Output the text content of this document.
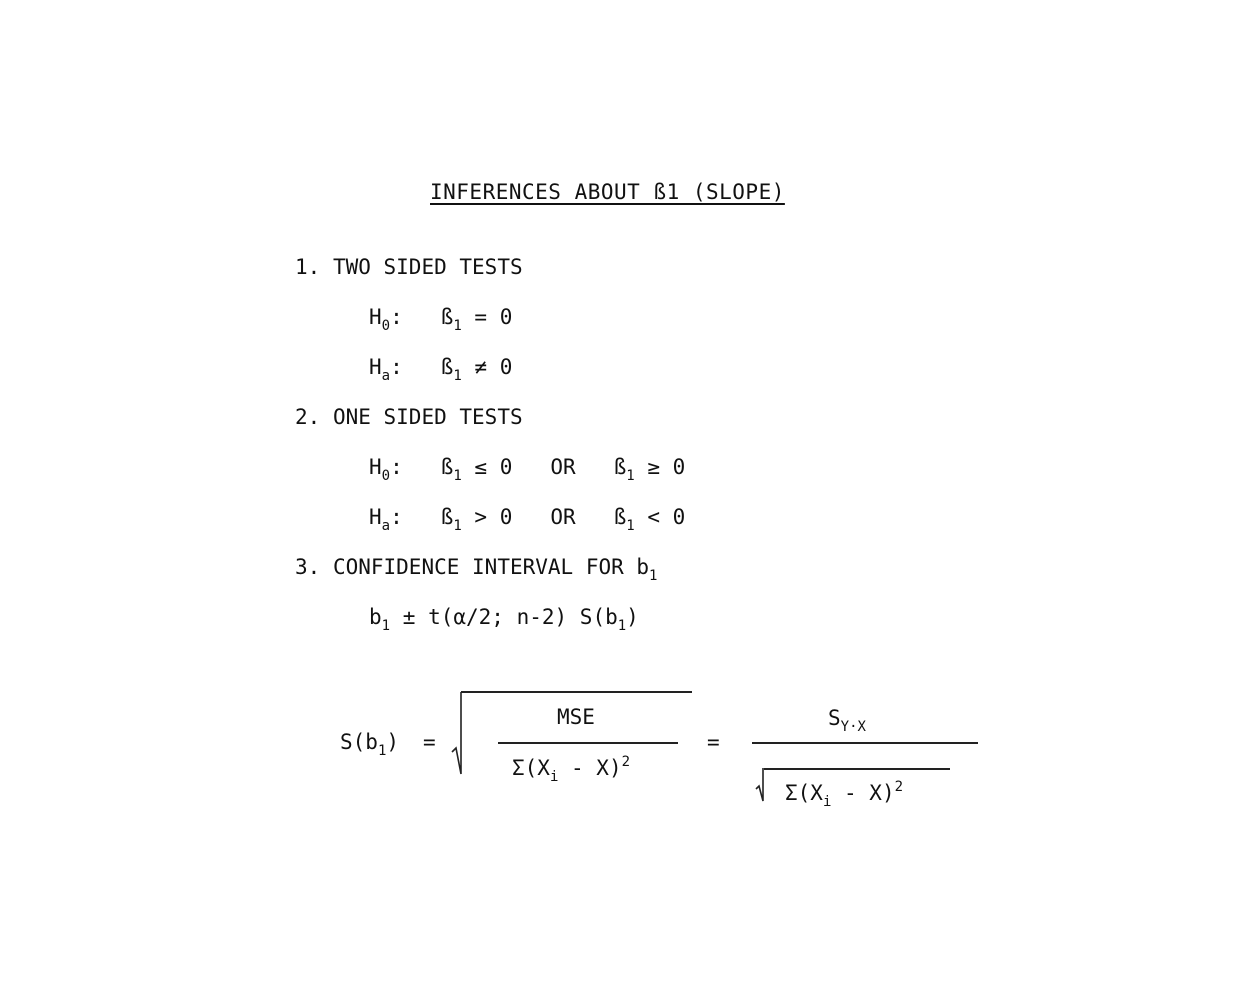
INFERENCES ABOUT ß1 (SLOPE)
1. TWO SIDED TESTS
$H_0$:   $ß_1 = 0$
$H_a$:   $ß_1 \ne 0$
2. ONE SIDED TESTS
$H_0$:   $ß_1 \le 0$ OR $ß_1 \ge 0$
$H_a$:   $ß_1 > 0$ OR $ß_1 < 0$
3. CONFIDENCE INTERVAL FOR $b_1$
$b_1 \pm t(\alpha/2$; n-2) $S(b_1)$
$S(b_1)$ =
MSE
$\Sigma(X_i - X)^2$
=
$S_{Y\cdot X}$
$\Sigma(X_i - X)^2$
